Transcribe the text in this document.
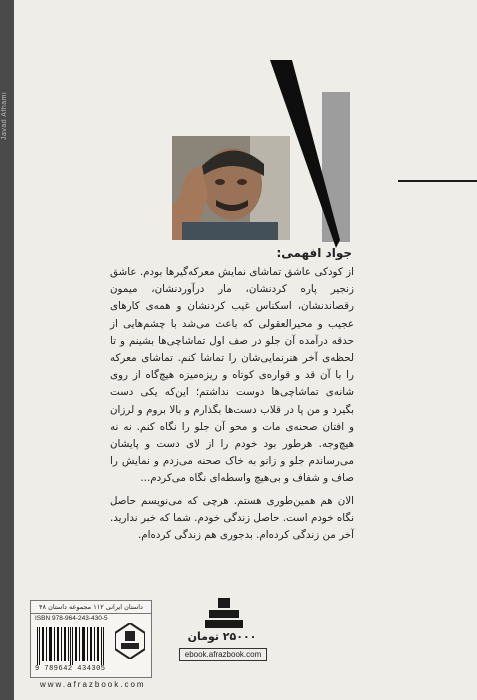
Javad Afhami
جواد افهمی:

از کودکی عاشق تماشای نمایش معرکه‌گیرها بودم. عاشق زنجیر پاره کردنشان، مار درآوردنشان، میمون رقصاندنشان، اسکناس غیب کردنشان و همه‌ی کارهای عجیب و محیرالعقولی که باعث می‌شد با چشم‌هایی از حدقه درآمده آن جلو در صف اول تماشاچی‌ها بشینم و تا لحظه‌ی آخر هنرنمایی‌شان را تماشا کنم. تماشای معرکه را با آن قد و قواره‌ی کوتاه و ریزه‌میزه هیچ‌گاه از روی شانه‌ی تماشاچی‌ها دوست نداشتم؛ این‌که یکی دست بگیرد و من پا در قلاب دست‌ها بگذارم و بالا بروم و لرزان و افتان صحنه‌ی مات و محو آن جلو را نگاه کنم. نه نه هیچ‌وجه. هرطور بود خودم را از لای دست و پایشان می‌رساندم جلو و زانو به خاک صحنه می‌زدم و نمایش را صاف و شفاف و بی‌هیچ واسطه‌ای نگاه می‌کردم...

الان هم همین‌طوری هستم. هرچی که می‌نویسم حاصل نگاه خودم است. حاصل زندگی خودم. شما که خبر ندارید. آخر من زندگی کرده‌ام. بدجوری هم زندگی کرده‌ام.

داستان ایرانی ۱۱۲ مجموعه داستان ۴۸
ISBN 978-964-243-430-5
9 789642 434305
۲۵۰۰۰ تومان
ebook.afrazbook.com
www.afrazbook.com
